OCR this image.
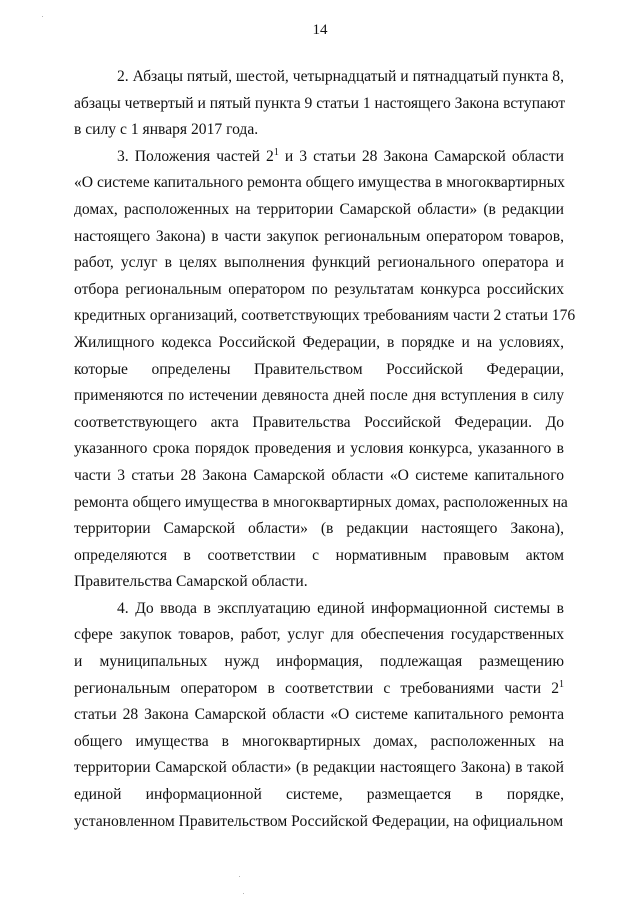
14
2. Абзацы пятый, шестой, четырнадцатый и пятнадцатый пункта 8,
абзацы четвертый и пятый пункта 9 статьи 1 настоящего Закона вступают
в силу с 1 января 2017 года.
3. Положения частей $2^1$ и 3 статьи 28 Закона Самарской области
«О системе капитального ремонта общего имущества в многоквартирных
домах, расположенных на территории Самарской области» (в редакции
настоящего Закона) в части закупок региональным оператором товаров,
работ, услуг в целях выполнения функций регионального оператора и
отбора региональным оператором по результатам конкурса российских
кредитных организаций, соответствующих требованиям части 2 статьи 176
Жилищного кодекса Российской Федерации, в порядке и на условиях,
которые определены Правительством Российской Федерации,
применяются по истечении девяноста дней после дня вступления в силу
соответствующего акта Правительства Российской Федерации. До
указанного срока порядок проведения и условия конкурса, указанного в
части 3 статьи 28 Закона Самарской области «О системе капитального
ремонта общего имущества в многоквартирных домах, расположенных на
территории Самарской области» (в редакции настоящего Закона),
определяются в соответствии с нормативным правовым актом
Правительства Самарской области.
4. До ввода в эксплуатацию единой информационной системы в
сфере закупок товаров, работ, услуг для обеспечения государственных
и муниципальных нужд информация, подлежащая размещению
региональным оператором в соответствии с требованиями части $2^1$
статьи 28 Закона Самарской области «О системе капитального ремонта
общего имущества в многоквартирных домах, расположенных на
территории Самарской области» (в редакции настоящего Закона) в такой
единой информационной системе, размещается в порядке,
установленном Правительством Российской Федерации, на официальном
